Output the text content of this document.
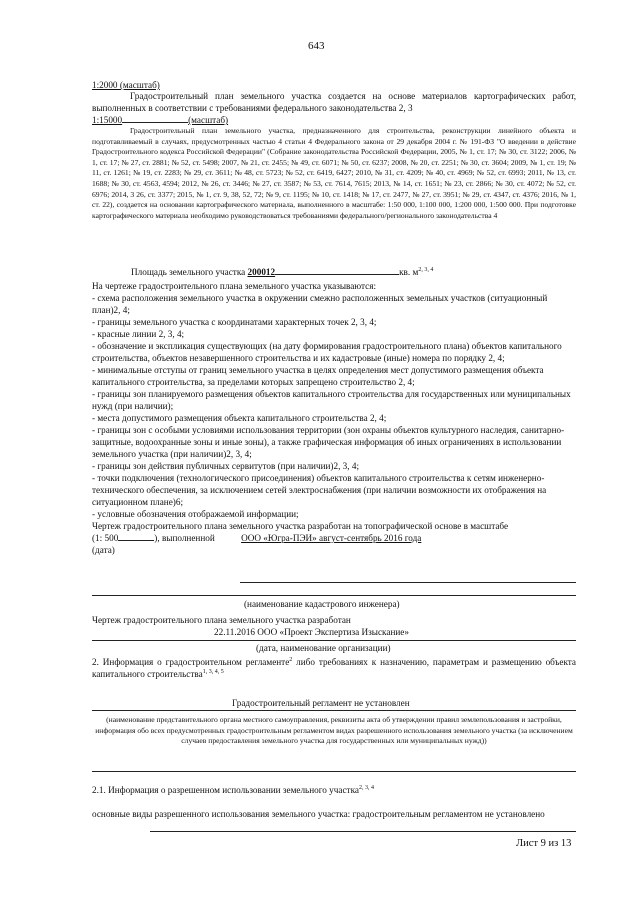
643
1:2000 (масштаб)
Градостроительный план земельного участка создается на основе материалов картографических работ, выполненных в соответствии с требованиями федерального законодательства 2, 3
1:15000	(масштаб)
Градостроительный план земельного участка, предназначенного для строительства, реконструкции линейного объекта и подготавливаемый в случаях, предусмотренных частью 4 статьи 4 Федерального закона от 29 декабря 2004 г. № 191-ФЗ "О введении в действие Градостроительного кодекса Российской Федерации" (Собрание законодательства Российской Федерации, 2005, № 1, ст. 17; № 30, ст. 3122; 2006, № 1, ст. 17; № 27, ст. 2881; № 52, ст. 5498; 2007, № 21, ст. 2455; № 49, ст. 6071; № 50, ст. 6237; 2008, № 20, ст. 2251; № 30, ст. 3604; 2009, № 1, ст. 19; № 11, ст. 1261; № 19, ст. 2283; № 29, ст. 3611; № 48, ст. 5723; № 52, ст. 6419, 6427; 2010, № 31, ст. 4209; № 40, ст. 4969; № 52, ст. 6993; 2011, № 13, ст. 1688; № 30, ст. 4563, 4594; 2012, № 26, ст. 3446; № 27, ст. 3587; № 53, ст. 7614, 7615; 2013, № 14, ст. 1651; № 23, ст. 2866; № 30, ст. 4072; № 52, ст. 6976; 2014, 3 26, ст. 3377; 2015, № 1, ст. 9, 38, 52, 72; № 9, ст. 1195; № 10, ст. 1418; № 17, ст. 2477, № 27, ст. 3951; № 29, ст. 4347, ст. 4376; 2016, № 1, ст. 22), создается на основании картографического материала, выполненного в масштабе: 1:50 000, 1:100 000, 1:200 000, 1:500 000. При подготовке картографического материала необходимо руководствоваться требованиями федерального/регионального законодательства 4
Площадь земельного участка 200012	кв. $м^{2, 3, 4}$
На чертеже градостроительного плана земельного участка указываются:
- схема расположения земельного участка в окружении смежно расположенных земельных участков (ситуационный план)2, 4;
- границы земельного участка с координатами характерных точек 2, 3, 4;
- красные линии 2, 3, 4;
- обозначение и экспликация существующих (на дату формирования градостроительного плана) объектов капитального строительства, объектов незавершенного строительства и их кадастровые (иные) номера по порядку 2, 4;
- минимальные отступы от границ земельного участка в целях определения мест допустимого размещения объекта капитального строительства, за пределами которых запрещено строительство 2, 4;
- границы зон планируемого размещения объектов капитального строительства для государственных или муниципальных нужд (при наличии);
- места допустимого размещения объекта капитального строительства 2, 4;
- границы зон с особыми условиями использования территории (зон охраны объектов культурного наследия, санитарно-защитные, водоохранные зоны и иные зоны), а также графическая информация об иных ограничениях в использовании земельного участка (при наличии)2, 3, 4;
- границы зон действия публичных сервитутов (при наличии)2, 3, 4;
- точки подключения (технологического присоединения) объектов капитального строительства к сетям инженерно-технического обеспечения, за исключением сетей электроснабжения (при наличии возможности их отображения на ситуационном плане)6;
- условные обозначения отображаемой информации;
Чертеж градостроительного плана земельного участка разработан на топографической основе в масштабе
(1: 500	), выполненной	ООО «Югра-ПЭИ» август-сентябрь 2016 года
(дата)
(наименование кадастрового инженера)
Чертеж градостроительного плана земельного участка разработан
22.11.2016 ООО «Проект Экспертиза Изыскание»
(дата, наименование организации)
2. Информация о градостроительном регламенте$^2$ либо требованиях к назначению, параметрам и размещению объекта капитального строительства$^{1, 3, 4, 5}$
Градостроительный регламент не установлен
(наименование представительного органа местного самоуправления, реквизиты акта об утверждении правил землепользования и застройки, информация обо всех предусмотренных градостроительным регламентом видах разрешенного использования земельного участка (за исключением случаев предоставления земельного участка для государственных или муниципальных нужд))
2.1. Информация о разрешенном использовании земельного участка$^{2, 3, 4}$
основные виды разрешенного использования земельного участка: градостроительным регламентом не установлено
Лист 9 из 13
